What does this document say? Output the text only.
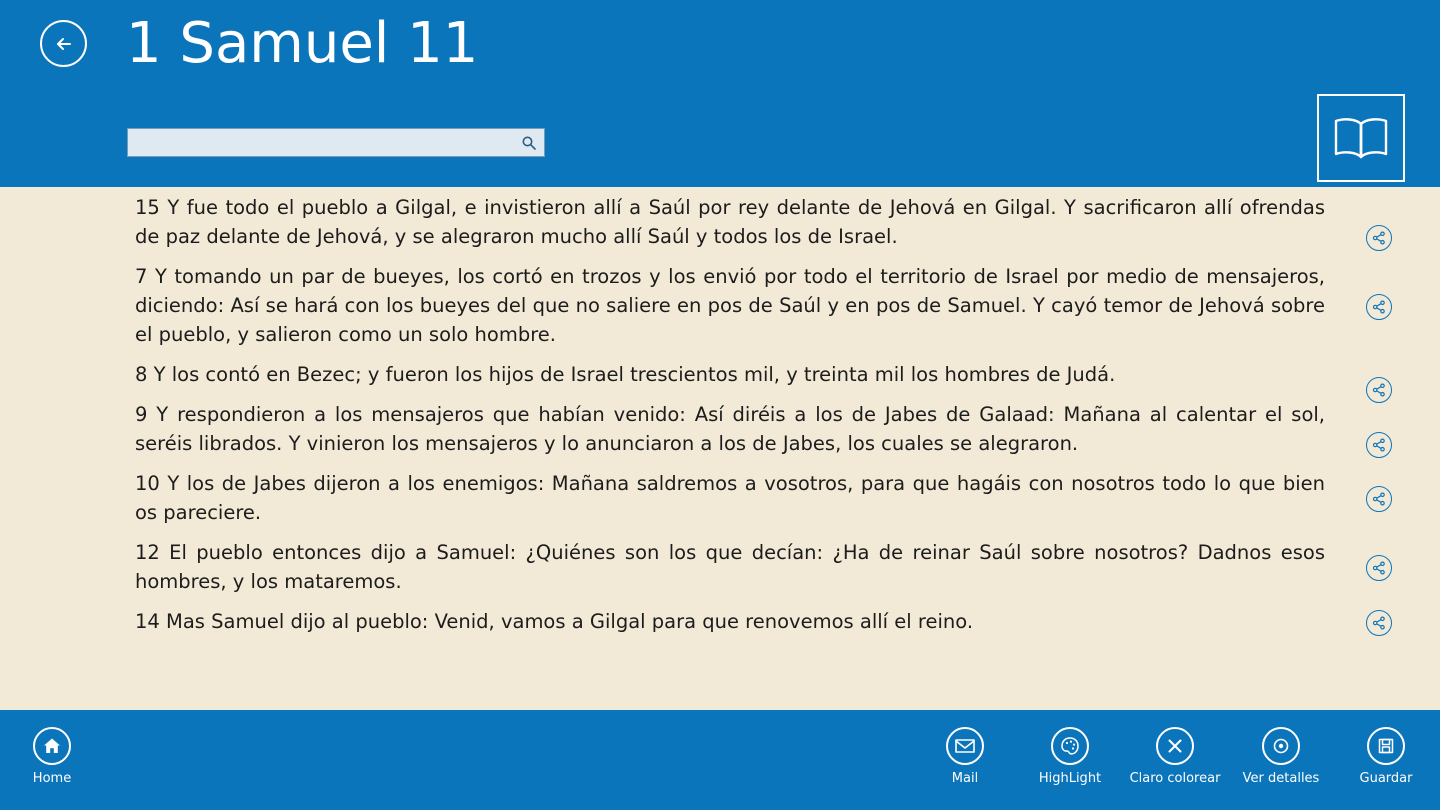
1 Samuel 11
15 Y fue todo el pueblo a Gilgal, e invistieron allí a Saúl por rey delante de Jehová en Gilgal. Y sacrificaron allí ofrendas de paz delante de Jehová, y se alegraron mucho allí Saúl y todos los de Israel.
7 Y tomando un par de bueyes, los cortó en trozos y los envió por todo el territorio de Israel por medio de mensajeros, diciendo: Así se hará con los bueyes del que no saliere en pos de Saúl y en pos de Samuel. Y cayó temor de Jehová sobre el pueblo, y salieron como un solo hombre.
8 Y los contó en Bezec; y fueron los hijos de Israel trescientos mil, y treinta mil los hombres de Judá.
9 Y respondieron a los mensajeros que habían venido: Así diréis a los de Jabes de Galaad: Mañana al calentar el sol, seréis librados. Y vinieron los mensajeros y lo anunciaron a los de Jabes, los cuales se alegraron.
10 Y los de Jabes dijeron a los enemigos: Mañana saldremos a vosotros, para que hagáis con nosotros todo lo que bien os pareciere.
12 El pueblo entonces dijo a Samuel: ¿Quiénes son los que decían: ¿Ha de reinar Saúl sobre nosotros? Dadnos esos hombres, y los mataremos.
14 Mas Samuel dijo al pueblo: Venid, vamos a Gilgal para que renovemos allí el reino.
Home	Mail	HighLight	Claro colorear	Ver detalles	Guardar
